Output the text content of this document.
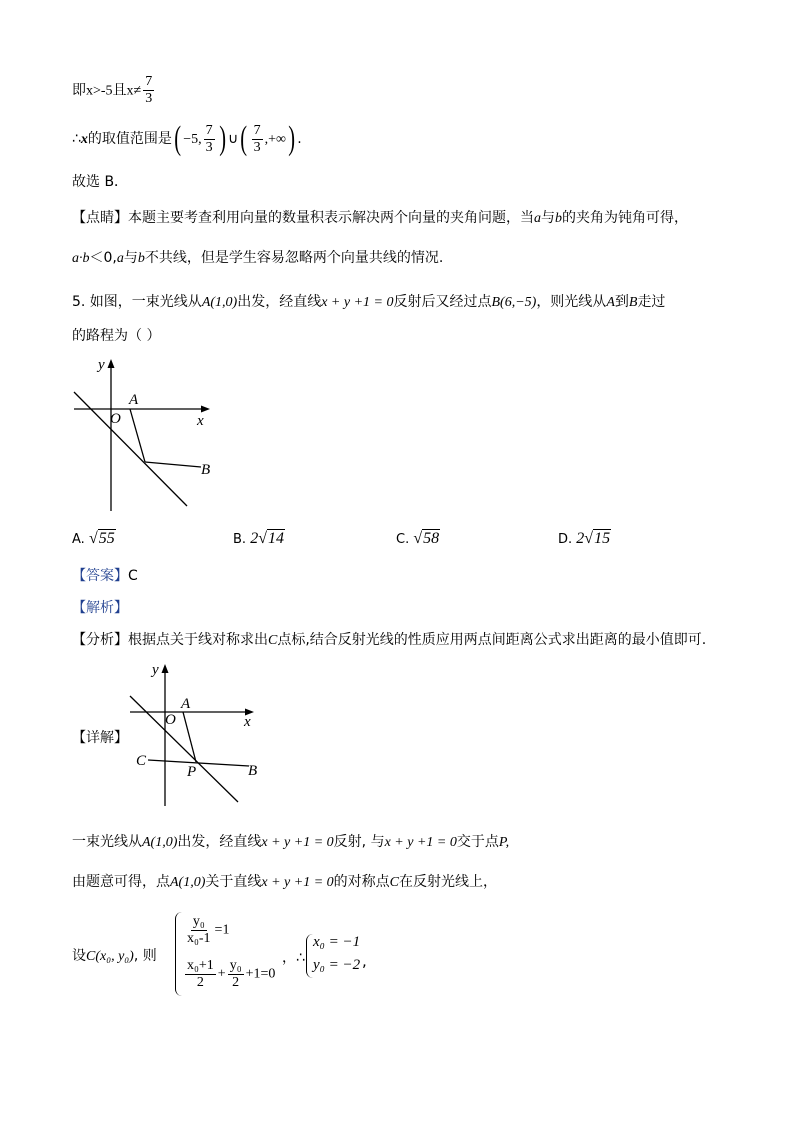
即x>-5且$x\ne \frac{7}{3}$
∴x的取值范围是( −5, $\frac{7}{3}$ ) ∪( $\frac{7}{3}$ ,+∞) .
故选 B．
【点睛】本题主要考查利用向量的数量积表示解决两个向量的夹角问题，当a与b的夹角为钝角可得，
a·b＜0,a与b不共线，但是学生容易忽略两个向量共线的情况.
5. 如图，一束光线从A(1,0)出发，经直线x + y +1 = 0反射后又经过点B(6,−5)，则光线从A到B走过
的路程为（ ）
y
A
O	x
B
A. √55	B. 2√14	C. √58	D. 2√15
【答案】C
【解析】
【分析】根据点关于线对称求出C点标,结合反射光线的性质应用两点间距离公式求出距离的最小值即可.
y
A
O	x
C
P	B
【详解】
一束光线从A(1,0)出发，经直线x + y +1 = 0反射, 与x + y +1 = 0交于点P,
由题意可得，点A(1,0)关于直线x + y +1 = 0的对称点C在反射光线上，
设C(x₀, y₀), 则
$\frac{\text{y₀}}{\text{x₀-1}} =1$
$\frac{\text{x₀+1}}{2} + \frac{\text{y₀}}{2} +1=0$
，∴
x₀ = −1
y₀ = −2 ,
